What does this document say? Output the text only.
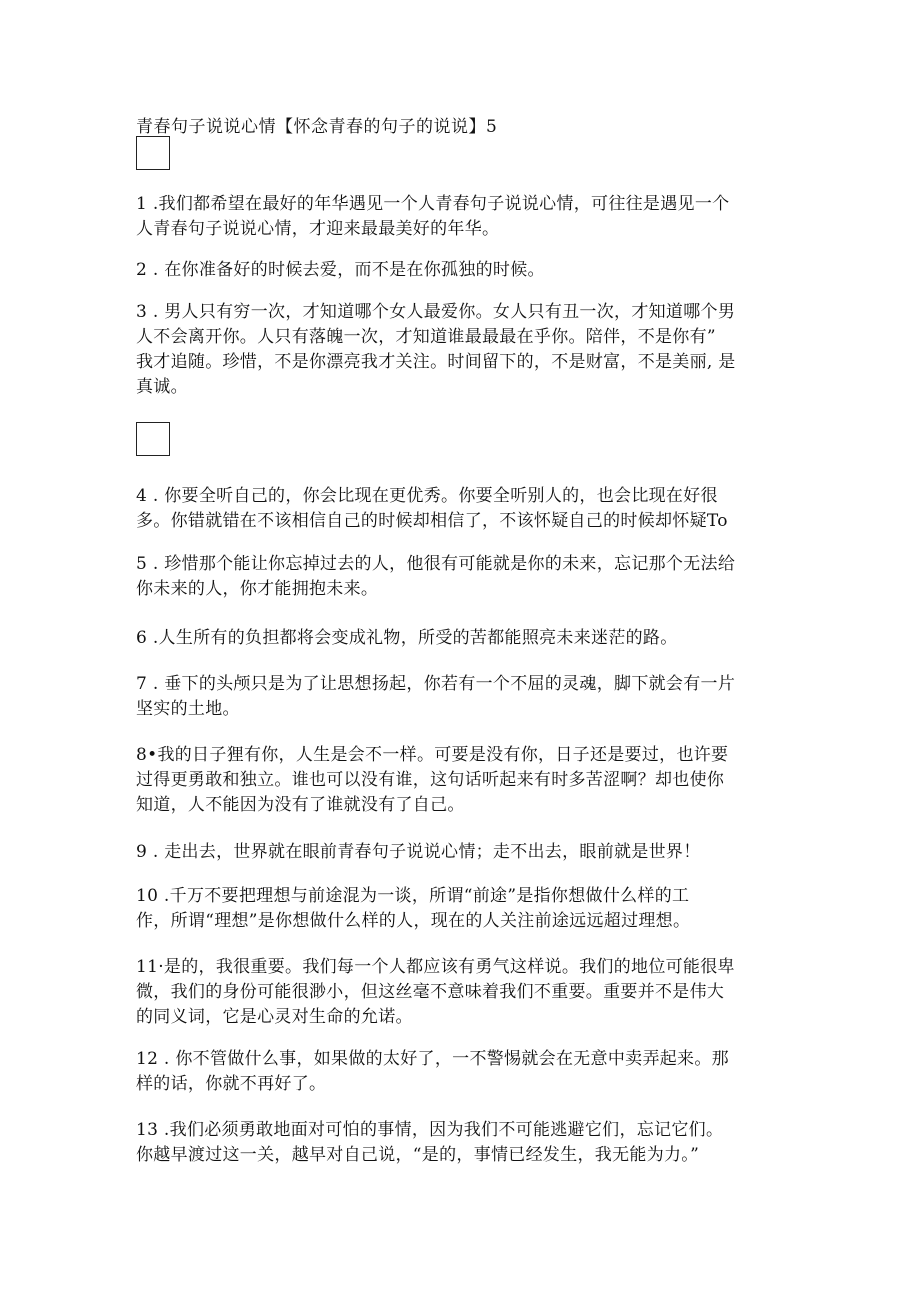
青春句子说说心情【怀念青春的句子的说说】5
1 .我们都希望在最好的年华遇见一个人青春句子说说心情，可往往是遇见一个
人青春句子说说心情，才迎来最最美好的年华。
2 . 在你准备好的时候去爱，而不是在你孤独的时候。
3 . 男人只有穷一次，才知道哪个女人最爱你。女人只有丑一次，才知道哪个男
人不会离开你。人只有落魄一次，才知道谁最最最在乎你。陪伴，不是你有”
我才追随。珍惜，不是你漂亮我才关注。时间留下的，不是财富，不是美丽, 是
真诚。
4 . 你要全听自己的，你会比现在更优秀。你要全听别人的，也会比现在好很
多。你错就错在不该相信自己的时候却相信了，不该怀疑自己的时候却怀疑To
5 . 珍惜那个能让你忘掉过去的人，他很有可能就是你的未来，忘记那个无法给
你未来的人，你才能拥抱未来。
6 .人生所有的负担都将会变成礼物，所受的苦都能照亮未来迷茫的路。
7 . 垂下的头颅只是为了让思想扬起，你若有一个不屈的灵魂，脚下就会有一片
坚实的土地。
8•我的日子狸有你，人生是会不一样。可要是没有你，日子还是要过，也许要
过得更勇敢和独立。谁也可以没有谁，这句话听起来有时多苦涩啊？却也使你
知道，人不能因为没有了谁就没有了自己。
9 . 走出去，世界就在眼前青春句子说说心情；走不出去，眼前就是世界！
10 .千万不要把理想与前途混为一谈，所谓“前途”是指你想做什么样的工
作，所谓“理想”是你想做什么样的人，现在的人关注前途远远超过理想。
11·是的，我很重要。我们每一个人都应该有勇气这样说。我们的地位可能很卑
微，我们的身份可能很渺小，但这丝毫不意味着我们不重要。重要并不是伟大
的同义词，它是心灵对生命的允诺。
12 . 你不管做什么事，如果做的太好了，一不警惕就会在无意中卖弄起来。那
样的话，你就不再好了。
13 .我们必须勇敢地面对可怕的事情，因为我们不可能逃避它们，忘记它们。
你越早渡过这一关，越早对自己说，“是的，事情已经发生，我无能为力。”
